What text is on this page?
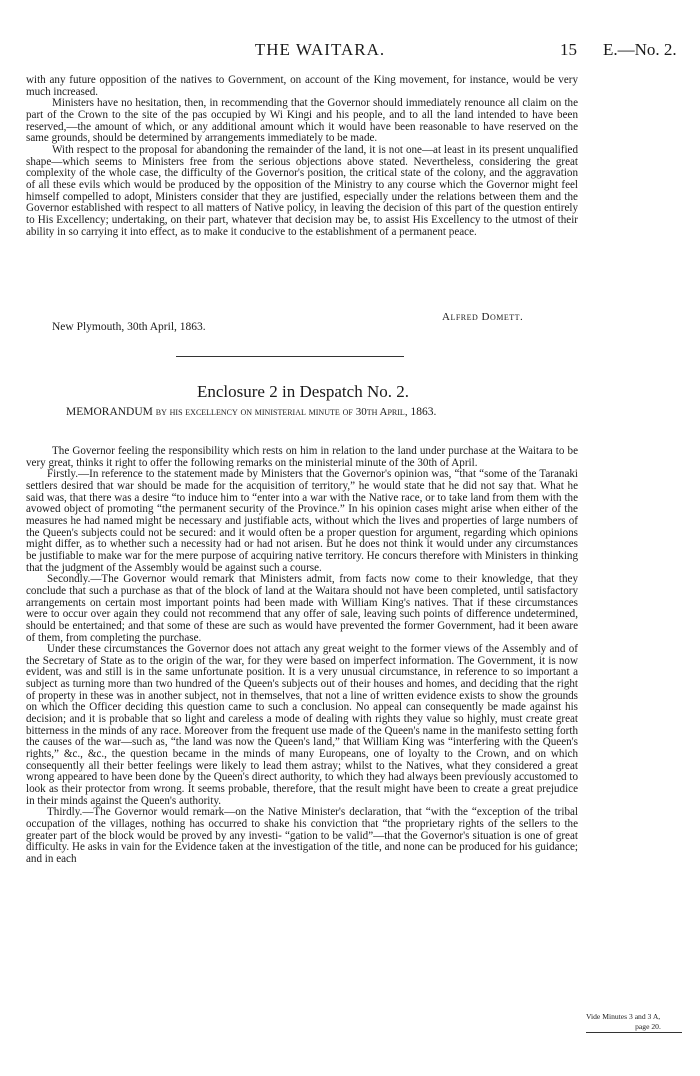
THE WAITARA.	15 E.—No. 2.

with any future opposition of the natives to Government, on account of the King movement, for instance, would be very much increased.

Ministers have no hesitation, then, in recommending that the Governor should immediately renounce all claim on the part of the Crown to the site of the pas occupied by Wi Kingi and his people, and to all the land intended to have been reserved,—the amount of which, or any additional amount which it would have been reasonable to have reserved on the same grounds, should be determined by arrangements immediately to be made.

With respect to the proposal for abandoning the remainder of the land, it is not one—at least in its present unqualified shape—which seems to Ministers free from the serious objections above stated. Nevertheless, considering the great complexity of the whole case, the difficulty of the Governor's position, the critical state of the colony, and the aggravation of all these evils which would be produced by the opposition of the Ministry to any course which the Governor might feel himself compelled to adopt, Ministers consider that they are justified, especially under the relations between them and the Governor established with respect to all matters of Native policy, in leaving the decision of this part of the question entirely to His Excellency; undertaking, on their part, whatever that decision may be, to assist His Excellency to the utmost of their ability in so carrying it into effect, as to make it conducive to the establishment of a permanent peace.

Alfred Domett.
New Plymouth, 30th April, 1863.
Enclosure 2 in Despatch No. 2.
MEMORANDUM by his excellency on ministerial minute of 30th April, 1863.

The Governor feeling the responsibility which rests on him in relation to the land under purchase at the Waitara to be very great, thinks it right to offer the following remarks on the ministerial minute of the 30th of April.

Firstly.—In reference to the statement made by Ministers that the Governor's opinion was, “that “some of the Taranaki settlers desired that war should be made for the acquisition of territory,” he would state that he did not say that. What he said was, that there was a desire “to induce him to “enter into a war with the Native race, or to take land from them with the avowed object of promoting “the permanent security of the Province.” In his opinion cases might arise when either of the measures he had named might be necessary and justifiable acts, without which the lives and properties of large numbers of the Queen's subjects could not be secured: and it would often be a proper question for argument, regarding which opinions might differ, as to whether such a necessity had or had not arisen. But he does not think it would under any circumstances be justifiable to make war for the mere purpose of acquiring native territory. He concurs therefore with Ministers in thinking that the judgment of the Assembly would be against such a course.

Secondly.—The Governor would remark that Ministers admit, from facts now come to their knowledge, that they conclude that such a purchase as that of the block of land at the Waitara should not have been completed, until satisfactory arrangements on certain most important points had been made with William King's natives. That if these circumstances were to occur over again they could not recommend that any offer of sale, leaving such points of difference undetermined, should be entertained; and that some of these are such as would have prevented the former Government, had it been aware of them, from completing the purchase.

Under these circumstances the Governor does not attach any great weight to the former views of the Assembly and of the Secretary of State as to the origin of the war, for they were based on imperfect information. The Government, it is now evident, was and still is in the same unfortunate position. It is a very unusual circumstance, in reference to so important a subject as turning more than two hundred of the Queen's subjects out of their houses and homes, and deciding that the right of property in these was in another subject, not in themselves, that not a line of written evidence exists to show the grounds on which the Officer deciding this question came to such a conclusion. No appeal can consequently be made against his decision; and it is probable that so light and careless a mode of dealing with rights they value so highly, must create great bitterness in the minds of any race. Moreover from the frequent use made of the Queen's name in the manifesto setting forth the causes of the war—such as, “the land was now the Queen's land,” that William King was “interfering with the Queen's rights,” &c., &c., the question became in the minds of many Europeans, one of loyalty to the Crown, and on which consequently all their better feelings were likely to lead them astray; whilst to the Natives, what they considered a great wrong appeared to have been done by the Queen's direct authority, to which they had always been previously accustomed to look as their protector from wrong. It seems probable, therefore, that the result might have been to create a great prejudice in their minds against the Queen's authority.

Thirdly.—The Governor would remark—on the Native Minister's declaration, that “with the “exception of the tribal occupation of the villages, nothing has occurred to shake his conviction that “the proprietary rights of the sellers to the greater part of the block would be proved by any investi- “gation to be valid”—that the Governor's situation is one of great difficulty. He asks in vain for the Evidence taken at the investigation of the title, and none can be produced for his guidance; and in each

Vide Minutes 3 and 3 A,
page 20.
